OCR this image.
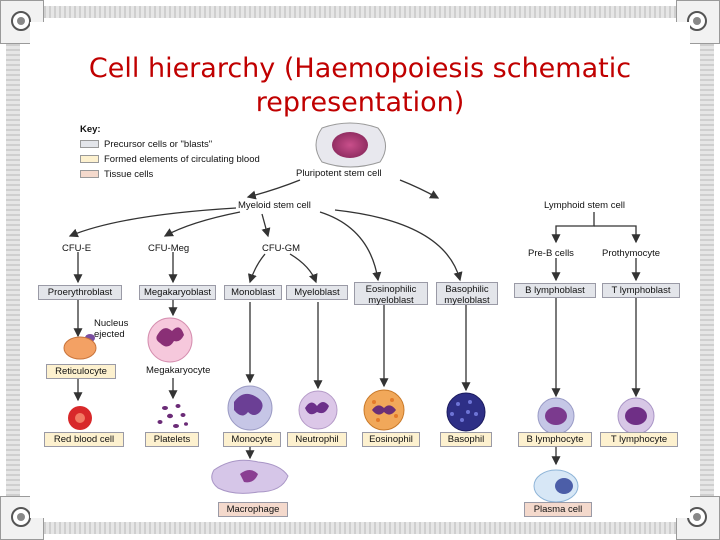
Cell hierarchy (Haemopoiesis schematic
representation)
Key:
Precursor cells or "blasts"
Formed elements of circulating blood
Tissue cells	Pluripotent stem cell
Myeloid stem cell	Lymphoid stem cell
CFU-E	CFU-Meg	CFU-GM	Pre-B cells	Prothymocyte
Proerythroblast	Megakaryoblast	Monoblast	Myeloblast	Eosinophilic
myeloblast
Basophilic
myeloblast
B lymphoblast	T lymphoblast
Nucleus
ejected
Reticulocyte	Megakaryocyte
Red blood cell	Platelets	Monocyte	Neutrophil	Eosinophil	Basophil	B lymphocyte	T lymphocyte
Macrophage	Plasma cell
